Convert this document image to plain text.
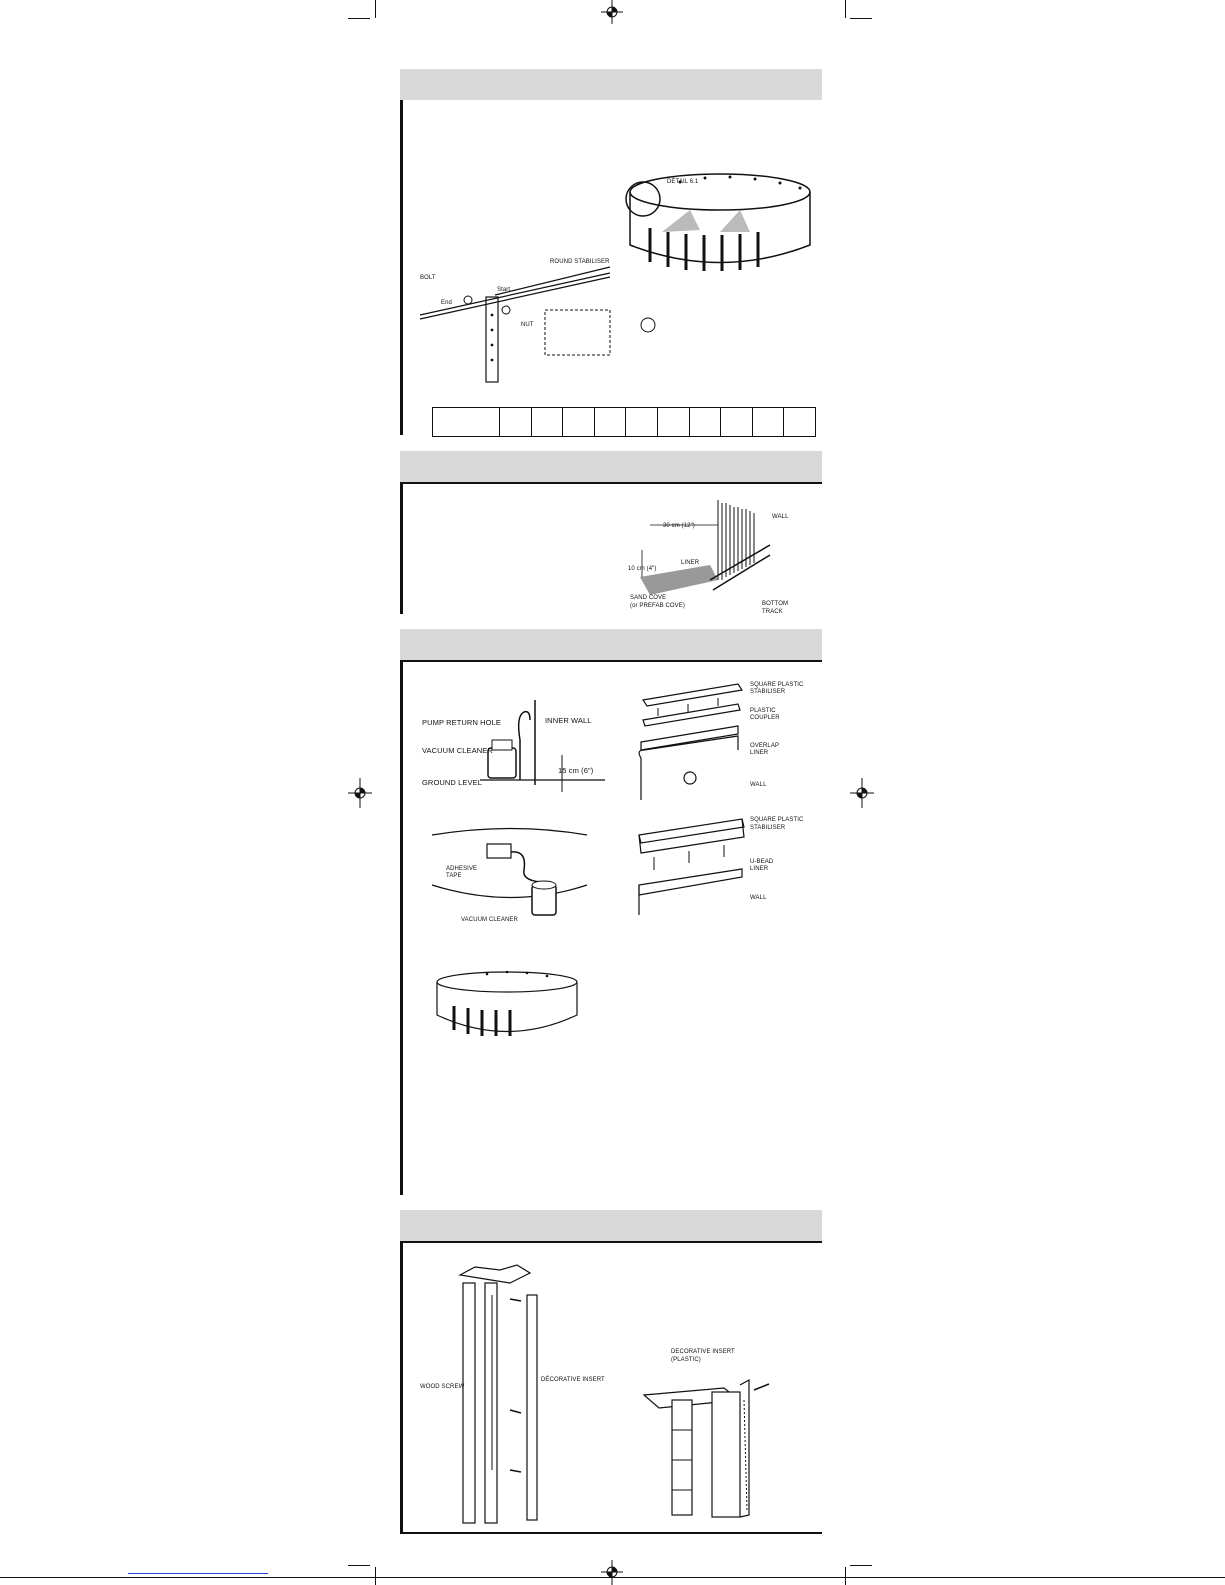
DÉTAIL 6.1
ROUND STABILISER
BOLT
NUT
Start
End

WALL
30 cm (12")
LINER
10 cm (4")
SAND COVE
(or PREFAB COVE)	BOTTOM
TRACK
PUMP RETURN HOLE	INNER WALL
VACUUM CLEANER
GROUND LEVEL
15 cm (6")
SQUARE PLASTIC
STABILISER
PLASTIC
COUPLER
OVERLAP
LINER
WALL
ADHESIVE
TAPE
VACUUM CLEANER
SQUARE PLASTIC
STABILISER
U-BEAD
LINER
WALL
WOOD SCREW
DÉCORATIVE INSERT
DECORATIVE INSERT
(PLASTIC)
